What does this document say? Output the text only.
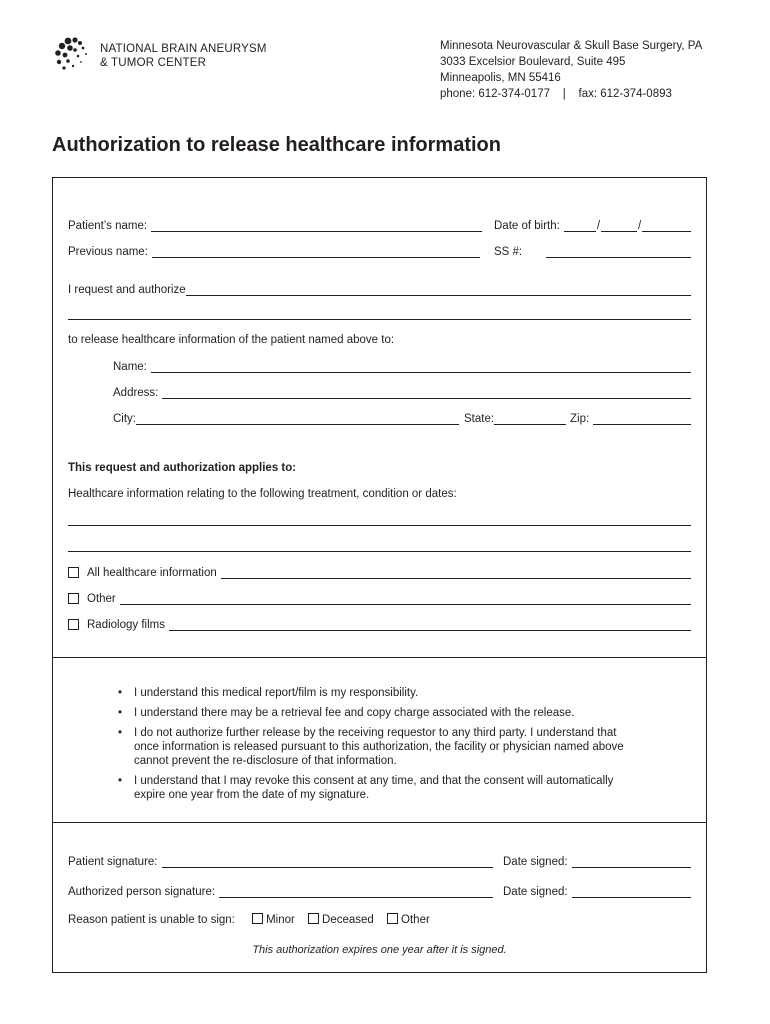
NATIONAL BRAIN ANEURYSM
& TUMOR CENTER
Minnesota Neurovascular & Skull Base Surgery, PA
3033 Excelsior Boulevard, Suite 495
Minneapolis, MN 55416
phone: 612-374-0177    |    fax: 612-374-0893
Authorization to release healthcare information
Patient’s name:	Date of birth:	/	/
Previous name:	SS #:
I request and authorize
to release healthcare information of the patient named above to:
Name:
Address:
City:	State:	Zip:
This request and authorization applies to:
Healthcare information relating to the following treatment, condition or dates:
All healthcare information
Other
Radiology films
• I understand this medical report/film is my responsibility.
• I understand there may be a retrieval fee and copy charge associated with the release.
• I do not authorize further release by the receiving requestor to any third party. I understand that
once information is released pursuant to this authorization, the facility or physician named above
cannot prevent the re-disclosure of that information.
• I understand that I may revoke this consent at any time, and that the consent will automatically
expire one year from the date of my signature.
Patient signature:	Date signed:
Authorized person signature:	Date signed:
Reason patient is unable to sign:	Minor Deceased Other
This authorization expires one year after it is signed.
